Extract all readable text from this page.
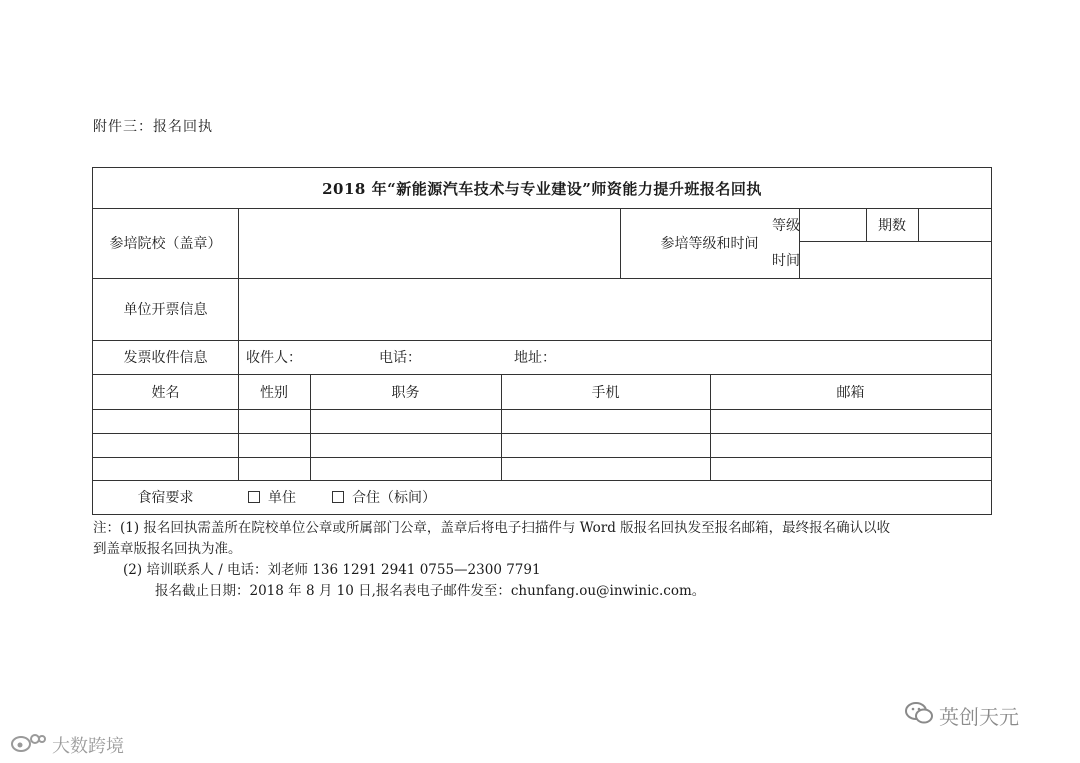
附件三：报名回执
2018 年“新能源汽车技术与专业建设”师资能力提升班报名回执
参培院校（盖章）	参培等级和时间
等级	期数
时间
单位开票信息
发票收件信息	收件人：	电话：	地址：
姓名	性别	职务	手机	邮箱
食宿要求	单住	合住（标间）
注：(1) 报名回执需盖所在院校单位公章或所属部门公章，盖章后将电子扫描件与 Word 版报名回执发至报名邮箱，最终报名确认以收
到盖章版报名回执为准。
(2) 培训联系人 / 电话：刘老师 136 1291 2941 0755—2300 7791
报名截止日期：2018 年 8 月 10 日,报名表电子邮件发至：chunfang.ou@inwinic.com。
英创天元
大数跨境
